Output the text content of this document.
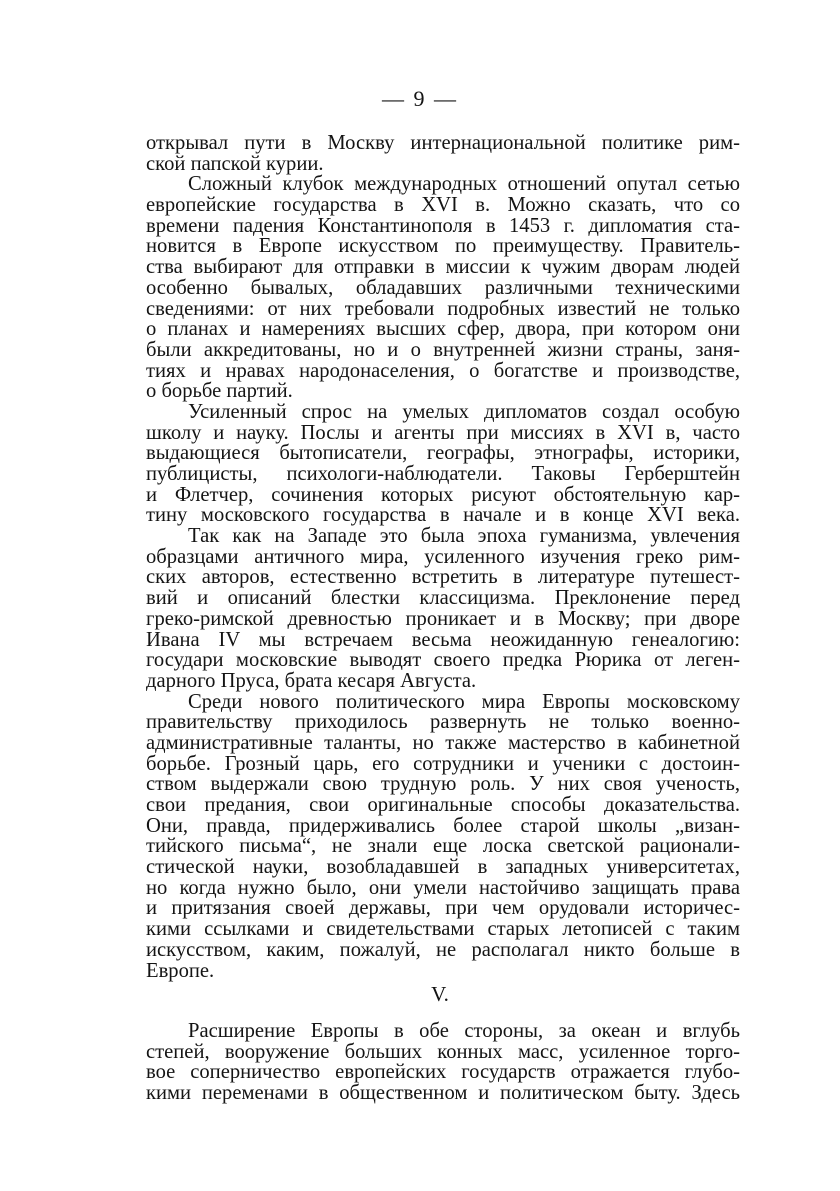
— 9 —
открывал пути в Москву интернациональной политике рим-
ской папской курии.
Сложный клубок международных отношений опутал сетью
европейские государства в XVI в. Можно сказать, что со
времени падения Константинополя в 1453 г. дипломатия ста-
новится в Европе искусством по преимуществу. Правитель-
ства выбирают для отправки в миссии к чужим дворам людей
особенно бывалых, обладавших различными техническими
сведениями: от них требовали подробных известий не только
о планах и намерениях высших сфер, двора, при котором они
были аккредитованы, но и о внутренней жизни страны, заня-
тиях и нравах народонаселения, о богатстве и производстве,
о борьбе партий.
Усиленный спрос на умелых дипломатов создал особую
школу и науку. Послы и агенты при миссиях в XVI в, часто
выдающиеся бытописатели, географы, этнографы, историки,
публицисты, психологи-наблюдатели. Таковы Герберштейн
и Флетчер, сочинения которых рисуют обстоятельную кар-
тину московского государства в начале и в конце XVI века.
Так как на Западе это была эпоха гуманизма, увлечения
образцами античного мира, усиленного изучения греко рим-
ских авторов, естественно встретить в литературе путешест-
вий и описаний блестки классицизма. Преклонение перед
греко-римской древностью проникает и в Москву; при дворе
Ивана IV мы встречаем весьма неожиданную генеалогию:
государи московские выводят своего предка Рюрика от леген-
дарного Пруса, брата кесаря Августа.
Среди нового политического мира Европы московскому
правительству приходилось развернуть не только военно-
административные таланты, но также мастерство в кабинетной
борьбе. Грозный царь, его сотрудники и ученики с достоин-
ством выдержали свою трудную роль. У них своя ученость,
свои предания, свои оригинальные способы доказательства.
Они, правда, придерживались более старой школы „визан-
тийского письма“, не знали еще лоска светской рационали-
стической науки, возобладавшей в западных университетах,
но когда нужно было, они умели настойчиво защищать права
и притязания своей державы, при чем орудовали историчес-
кими ссылками и свидетельствами старых летописей с таким
искусством, каким, пожалуй, не располагал никто больше в
Европе.
V.
Расширение Европы в обе стороны, за океан и вглубь
степей, вооружение больших конных масс, усиленное торго-
вое соперничество европейских государств отражается глубо-
кими переменами в общественном и политическом быту. Здесь
